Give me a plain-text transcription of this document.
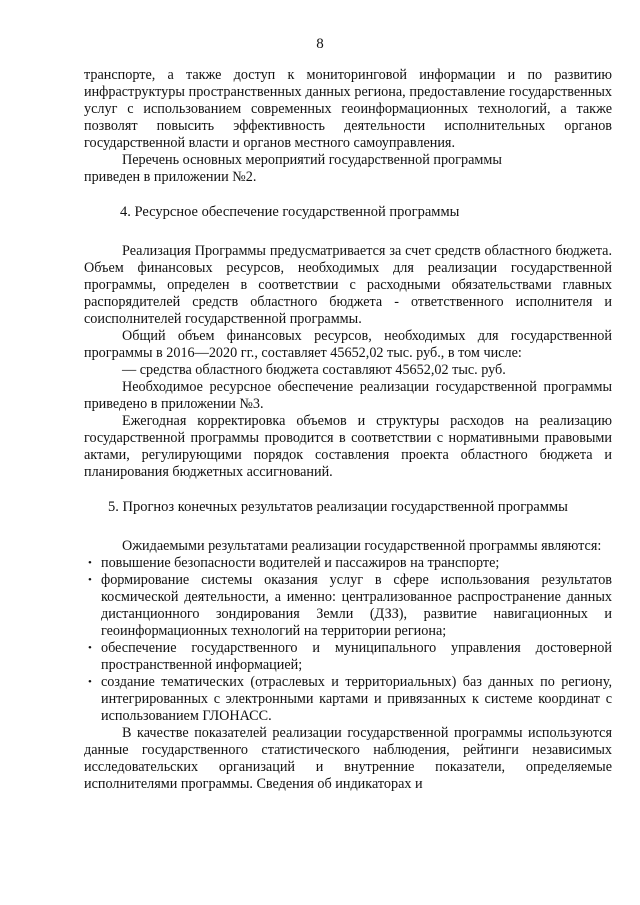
8

транспорте, а также доступ к мониторинговой информации и по развитию инфраструктуры пространственных данных региона, предоставление государственных услуг с использованием современных геоинформационных технологий, а также позволят повысить эффективность деятельности исполнительных органов государственной власти и органов местного самоуправления.

Перечень основных мероприятий государственной программы

приведен в приложении №2.

4. Ресурсное обеспечение государственной программы

Реализация Программы предусматривается за счет средств областного бюджета. Объем финансовых ресурсов, необходимых для реализации государственной программы, определен в соответствии с расходными обязательствами главных распорядителей средств областного бюджета - ответственного исполнителя и соисполнителей государственной программы.

Общий объем финансовых ресурсов, необходимых для государственной программы в 2016—2020 гг., составляет 45652,02 тыс. руб., в том числе:

— средства областного бюджета составляют 45652,02 тыс. руб.

Необходимое ресурсное обеспечение реализации государственной программы приведено в приложении №3.

Ежегодная корректировка объемов и структуры расходов на реализацию государственной программы проводится в соответствии с нормативными правовыми актами, регулирующими порядок составления проекта областного бюджета и планирования бюджетных ассигнований.

5. Прогноз конечных результатов реализации государственной программы

Ожидаемыми результатами реализации государственной программы являются:

• повышение безопасности водителей и пассажиров на транспорте;
• формирование системы оказания услуг в сфере использования результатов космической деятельности, а именно: централизованное распространение данных дистанционного зондирования Земли (ДЗЗ), развитие навигационных и геоинформационных технологий на территории региона;
• обеспечение государственного и муниципального управления достоверной пространственной информацией;
• создание тематических (отраслевых и территориальных) баз данных по региону, интегрированных с электронными картами и привязанных к системе координат с использованием ГЛОНАСС.

В качестве показателей реализации государственной программы используются данные государственного статистического наблюдения, рейтинги независимых исследовательских организаций и внутренние показатели, определяемые исполнителями программы. Сведения об индикаторах и
